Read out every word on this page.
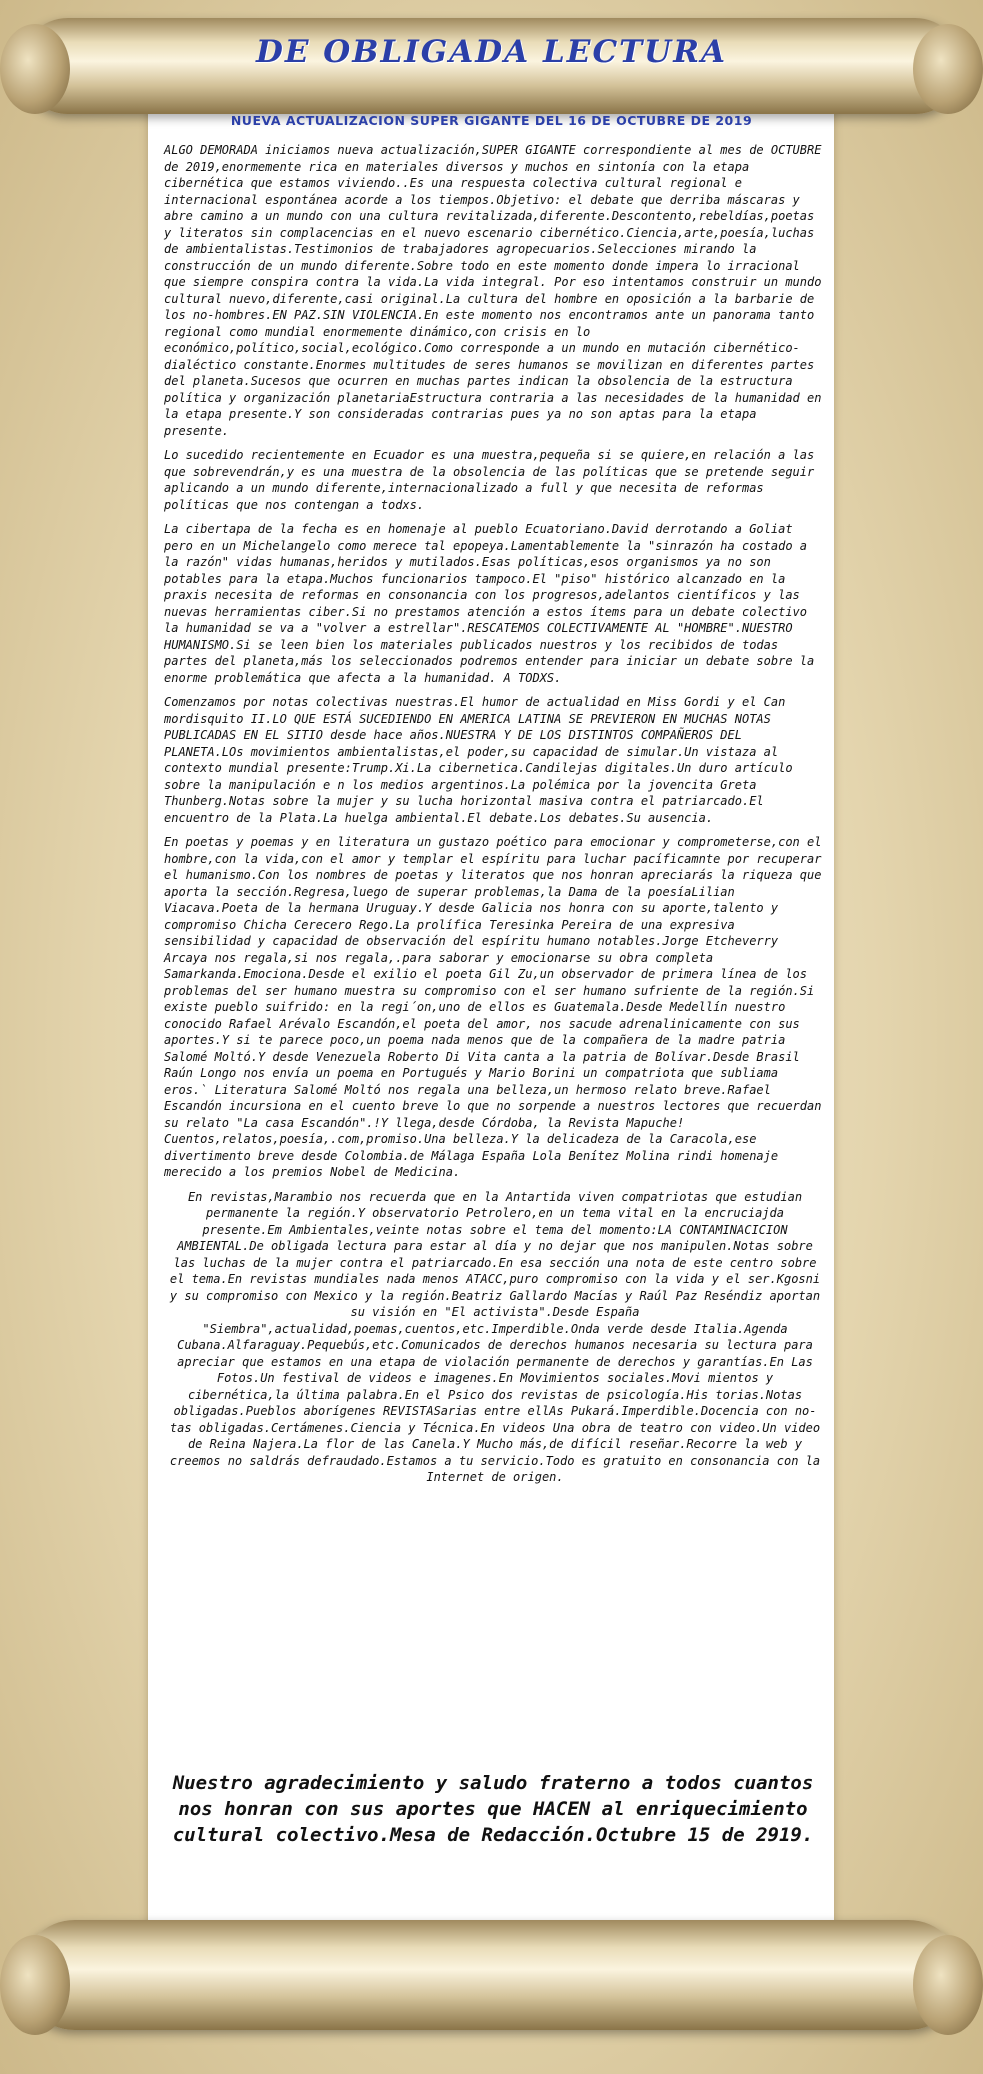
DE OBLIGADA LECTURA
NUEVA ACTUALIZACION SUPER GIGANTE DEL 16 DE OCTUBRE DE 2019

ALGO DEMORADA iniciamos nueva actualización,SUPER GIGANTE correspondiente al mes de OCTUBRE de 2019,enormemente rica en materiales diversos y muchos en sintonía con la etapa cibernética que estamos viviendo..Es una respuesta colectiva cultural regional e internacional espontánea acorde a los tiempos.Objetivo: el debate que derriba máscaras y abre camino a un mundo con una cultura revitalizada,diferente.Descontento,rebeldías,poetas y literatos sin complacencias en el nuevo escenario cibernético.Ciencia,arte,poesía,luchas de ambientalistas.Testimonios de trabajadores agropecuarios.Selecciones mirando la construcción de un mundo diferente.Sobre todo en este momento donde impera lo irracional que siempre conspira contra la vida.La vida integral. Por eso intentamos construir un mundo cultural nuevo,diferente,casi original.La cultura del hombre en oposición a la barbarie de los no-hombres.EN PAZ.SIN VIOLENCIA.En este momento nos encontramos ante un panorama tanto regional como mundial enormemente dinámico,con crisis en lo económico,político,social,ecológico.Como corresponde a un mundo en mutación cibernético-dialéctico constante.Enormes multitudes de seres humanos se movilizan en diferentes partes del planeta.Sucesos que ocurren en muchas partes indican la obsolencia de la estructura política y organización planetariaEstructura contraria a las necesidades de la humanidad en la etapa presente.Y son consideradas contrarias pues ya no son aptas para la etapa presente.

Lo sucedido recientemente en Ecuador es una muestra,pequeña si se quiere,en relación a las que sobrevendrán,y es una muestra de la obsolencia de las políticas que se pretende seguir aplicando a un mundo diferente,internacionalizado a full y que necesita de reformas políticas que nos contengan a todxs.

La cibertapa de la fecha es en homenaje al pueblo Ecuatoriano.David derrotando a Goliat pero en un Michelangelo como merece tal epopeya.Lamentablemente la "sinrazón ha costado a la razón" vidas humanas,heridos y mutilados.Esas políticas,esos organismos ya no son potables para la etapa.Muchos funcionarios tampoco.El "piso" histórico alcanzado en la praxis necesita de reformas en consonancia con los progresos,adelantos científicos y las nuevas herramientas ciber.Si no prestamos atención a estos ítems para un debate colectivo la humanidad se va a "volver a estrellar".RESCATEMOS COLECTIVAMENTE AL "HOMBRE".NUESTRO HUMANISMO.Si se leen bien los materiales publicados nuestros y los recibidos de todas partes del planeta,más los seleccionados podremos entender para iniciar un debate sobre la enorme problemática que afecta a la humanidad. A TODXS.

Comenzamos por notas colectivas nuestras.El humor de actualidad en Miss Gordi y el Can mordisquito II.LO QUE ESTÁ SUCEDIENDO EN AMERICA LATINA SE PREVIERON EN MUCHAS NOTAS PUBLICADAS EN EL SITIO desde hace años.NUESTRA Y DE LOS DISTINTOS COMPAÑEROS DEL PLANETA.LOs movimientos ambientalistas,el poder,su capacidad de simular.Un vistaza al contexto mundial presente:Trump.Xi.La cibernetica.Candilejas digitales.Un duro artículo sobre la manipulación e n los medios argentinos.La polémica por la jovencita Greta Thunberg.Notas sobre la mujer y su lucha horizontal masiva contra el patriarcado.El encuentro de la Plata.La huelga ambiental.El debate.Los debates.Su ausencia.

En poetas y poemas y en literatura un gustazo poético para emocionar y comprometerse,con el hombre,con la vida,con el amor y templar el espíritu para luchar pacíficamnte por recuperar el humanismo.Con los nombres de poetas y literatos que nos honran apreciarás la riqueza que aporta la sección.Regresa,luego de superar problemas,la Dama de la poesíaLilian Viacava.Poeta de la hermana Uruguay.Y desde Galicia nos honra con su aporte,talento y compromiso Chicha Cerecero Rego.La prolífica Teresinka Pereira de una expresiva sensibilidad y capacidad de observación del espíritu humano notables.Jorge Etcheverry Arcaya nos regala,si nos regala,.para saborar y emocionarse su obra completa Samarkanda.Emociona.Desde el exilio el poeta Gil Zu,un observador de primera línea de los problemas del ser humano muestra su compromiso con el ser humano sufriente de la región.Si existe pueblo suifrido: en la regi´on,uno de ellos es Guatemala.Desde Medellín nuestro conocido Rafael Arévalo Escandón,el poeta del amor, nos sacude adrenalinicamente con sus aportes.Y si te parece poco,un poema nada menos que de la compañera de la madre patria Salomé Moltó.Y desde Venezuela Roberto Di Vita canta a la patria de Bolívar.Desde Brasil Raún Longo nos envía un poema en Portugués y Mario Borini un compatriota que subliama eros.` Literatura Salomé Moltó nos regala una belleza,un hermoso relato breve.Rafael Escandón incursiona en el cuento breve lo que no sorpende a nuestros lectores que recuerdan su relato "La casa Escandón".!Y llega,desde Córdoba, la Revista Mapuche! Cuentos,relatos,poesía,.com,promiso.Una belleza.Y la delicadeza de la Caracola,ese divertimento breve desde Colombia.de Málaga España Lola Benítez Molina rindi homenaje merecido a los premios Nobel de Medicina.

En revistas,Marambio nos recuerda que en la Antartida viven compatriotas que estudian permanente la región.Y observatorio Petrolero,en un tema vital en la encruciajda presente.Em Ambientales,veinte notas sobre el tema del momento:LA CONTAMINACICION AMBIENTAL.De obligada lectura para estar al día y no dejar que nos manipulen.Notas sobre las luchas de la mujer contra el patriarcado.En esa sección una nota de este centro sobre el tema.En revistas mundiales nada menos ATACC,puro compromiso con la vida y el ser.Kgosni y su compromiso con Mexico y la región.Beatriz Gallardo Macías y Raúl Paz Reséndiz aportan su visión en "El activista".Desde España "Siembra",actualidad,poemas,cuentos,etc.Imperdible.Onda verde desde Italia.Agenda Cubana.Alfaraguay.Pequebús,etc.Comunicados de derechos humanos necesaria su lectura para apreciar que estamos en una etapa de violación permanente de derechos y garantías.En Las Fotos.Un festival de videos e imagenes.En Movimientos sociales.Movi mientos y cibernética,la última palabra.En el Psico dos revistas de psicología.His torias.Notas obligadas.Pueblos aborígenes REVISTASarias entre ellAs Pukará.Imperdible.Docencia con no-tas obligadas.Certámenes.Ciencia y Técnica.En videos Una obra de teatro con video.Un video de Reina Najera.La flor de las Canela.Y Mucho más,de difícil reseñar.Recorre la web y creemos no saldrás defraudado.Estamos a tu servicio.Todo es gratuito en consonancia con la Internet de origen.

Nuestro agradecimiento y saludo fraterno a todos cuantos nos honran con sus aportes que HACEN al enriquecimiento cultural colectivo.Mesa de Redacción.Octubre 15 de 2919.
